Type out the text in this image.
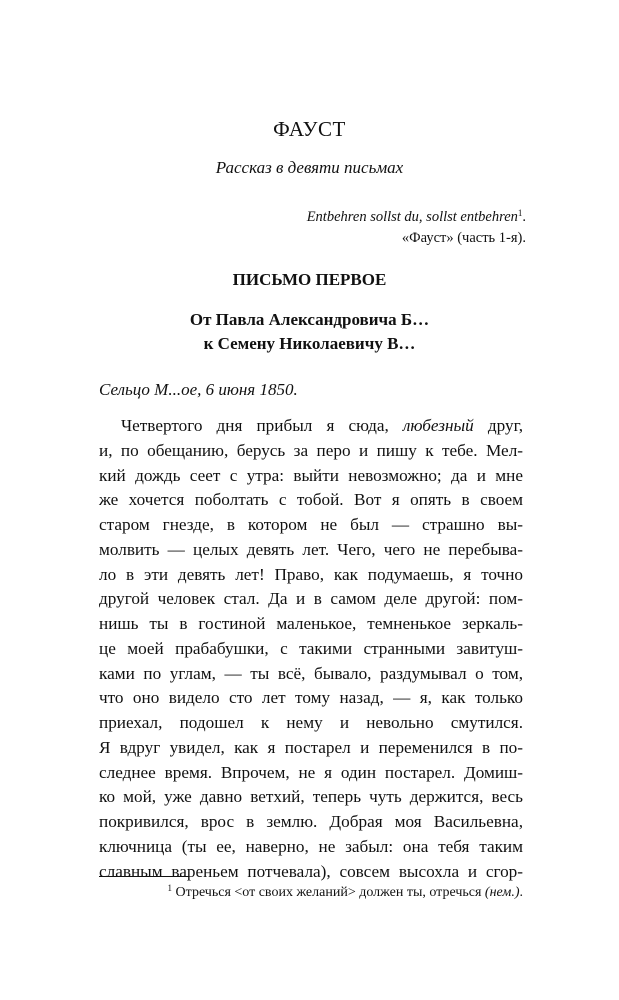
ФАУСТ
Рассказ в девяти письмах
Entbehren sollst du, sollst entbehren$^1$.
«Фауст» (часть 1-я).
ПИСЬМО ПЕРВОЕ
От Павла Александровича Б…
к Семену Николаевичу В…
Сельцо М...ое, 6 июня 1850.
Четвертого дня прибыл я сюда, любезный друг,
и, по обещанию, берусь за перо и пишу к тебе. Мел-
кий дождь сеет с утра: выйти невозможно; да и мне
же хочется поболтать с тобой. Вот я опять в своем
старом гнезде, в котором не был — страшно вы-
молвить — целых девять лет. Чего, чего не перебыва-
ло в эти девять лет! Право, как подумаешь, я точно
другой человек стал. Да и в самом деле другой: пом-
нишь ты в гостиной маленькое, темненькое зеркаль-
це моей прабабушки, с такими странными завитуш-
ками по углам, — ты всё, бывало, раздумывал о том,
что оно видело сто лет тому назад, — я, как только
приехал, подошел к нему и невольно смутился.
Я вдруг увидел, как я постарел и переменился в по-
следнее время. Впрочем, не я один постарел. Домиш-
ко мой, уже давно ветхий, теперь чуть держится, весь
покривился, врос в землю. Добрая моя Васильевна,
ключница (ты ее, наверно, не забыл: она тебя таким
славным вареньем потчевала), совсем высохла и сгор-
$^1$ Отречься <от своих желаний> должен ты, отречься (нем.).
